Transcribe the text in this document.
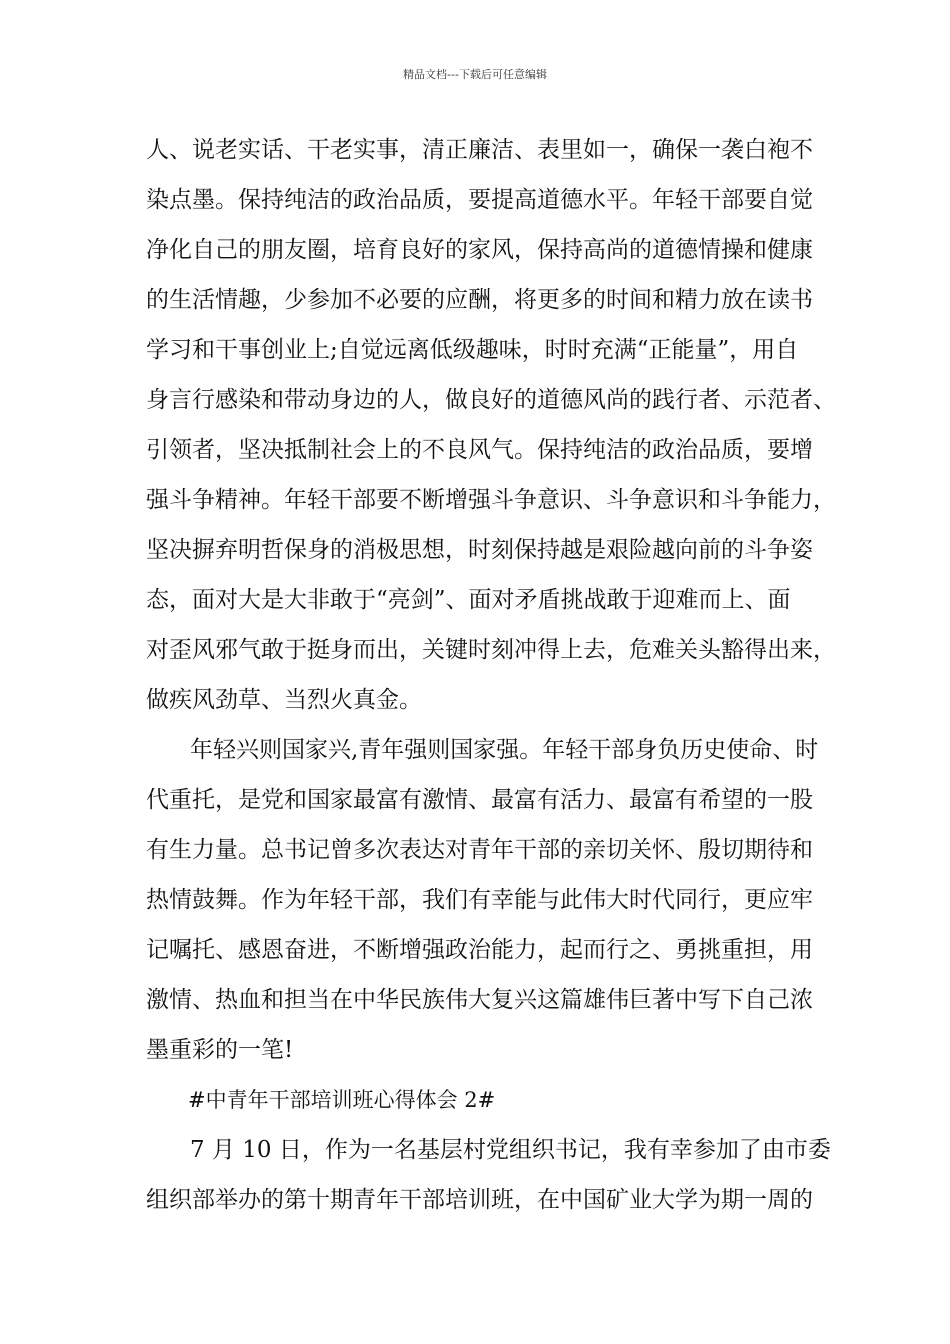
精品文档---下载后可任意编辑
人、说老实话、干老实事，清正廉洁、表里如一，确保一袭白袍不
染点墨。保持纯洁的政治品质，要提高道德水平。年轻干部要自觉
净化自己的朋友圈，培育良好的家风，保持高尚的道德情操和健康
的生活情趣，少参加不必要的应酬，将更多的时间和精力放在读书
学习和干事创业上;自觉远离低级趣味，时时充满“正能量”，用自
身言行感染和带动身边的人，做良好的道德风尚的践行者、示范者、
引领者，坚决抵制社会上的不良风气。保持纯洁的政治品质，要增
强斗争精神。年轻干部要不断增强斗争意识、斗争意识和斗争能力，
坚决摒弃明哲保身的消极思想，时刻保持越是艰险越向前的斗争姿
态，面对大是大非敢于“亮剑”、面对矛盾挑战敢于迎难而上、面
对歪风邪气敢于挺身而出，关键时刻冲得上去，危难关头豁得出来，
做疾风劲草、当烈火真金。
年轻兴则国家兴,青年强则国家强。年轻干部身负历史使命、时
代重托，是党和国家最富有激情、最富有活力、最富有希望的一股
有生力量。总书记曾多次表达对青年干部的亲切关怀、殷切期待和
热情鼓舞。作为年轻干部，我们有幸能与此伟大时代同行，更应牢
记嘱托、感恩奋进，不断增强政治能力，起而行之、勇挑重担，用
激情、热血和担当在中华民族伟大复兴这篇雄伟巨著中写下自己浓
墨重彩的一笔!
#中青年干部培训班心得体会 2#
7 月 10 日，作为一名基层村党组织书记，我有幸参加了由市委
组织部举办的第十期青年干部培训班，在中国矿业大学为期一周的
